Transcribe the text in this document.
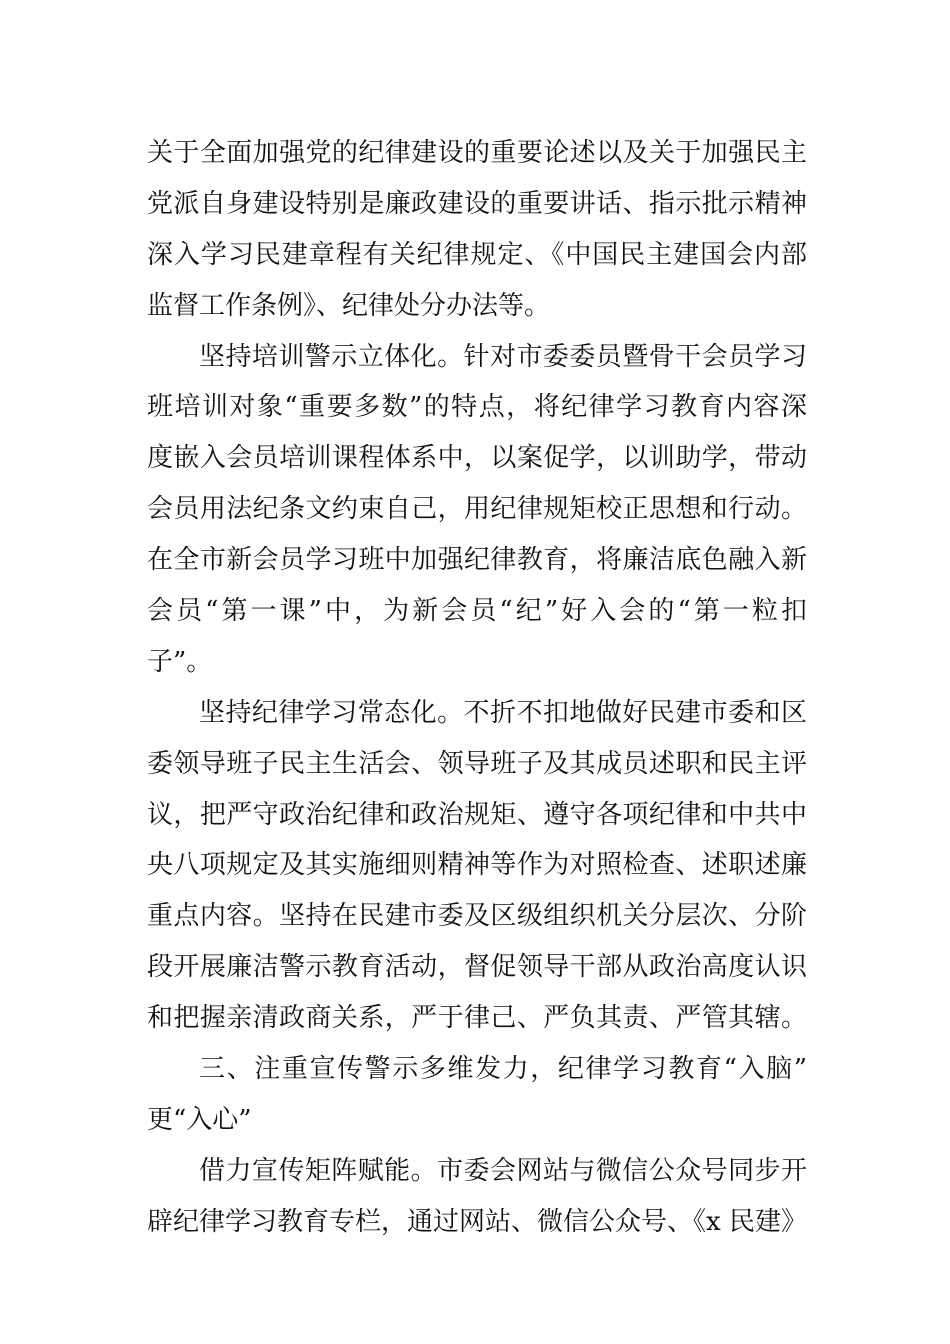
关于全面加强党的纪律建设的重要论述以及关于加强民主
党派自身建设特别是廉政建设的重要讲话、指示批示精神
深入学习民建章程有关纪律规定、《中国民主建国会内部
监督工作条例》、纪律处分办法等。
坚持培训警示立体化。针对市委委员暨骨干会员学习
班培训对象“重要多数”的特点，将纪律学习教育内容深
度嵌入会员培训课程体系中，以案促学，以训助学，带动
会员用法纪条文约束自己，用纪律规矩校正思想和行动。
在全市新会员学习班中加强纪律教育，将廉洁底色融入新
会员“第一课”中，为新会员“纪”好入会的“第一粒扣
子”。
坚持纪律学习常态化。不折不扣地做好民建市委和区
委领导班子民主生活会、领导班子及其成员述职和民主评
议，把严守政治纪律和政治规矩、遵守各项纪律和中共中
央八项规定及其实施细则精神等作为对照检查、述职述廉
重点内容。坚持在民建市委及区级组织机关分层次、分阶
段开展廉洁警示教育活动，督促领导干部从政治高度认识
和把握亲清政商关系，严于律己、严负其责、严管其辖。
三、注重宣传警示多维发力，纪律学习教育“入脑”
更“入心”
借力宣传矩阵赋能。市委会网站与微信公众号同步开
辟纪律学习教育专栏，通过网站、微信公众号、《x 民建》
